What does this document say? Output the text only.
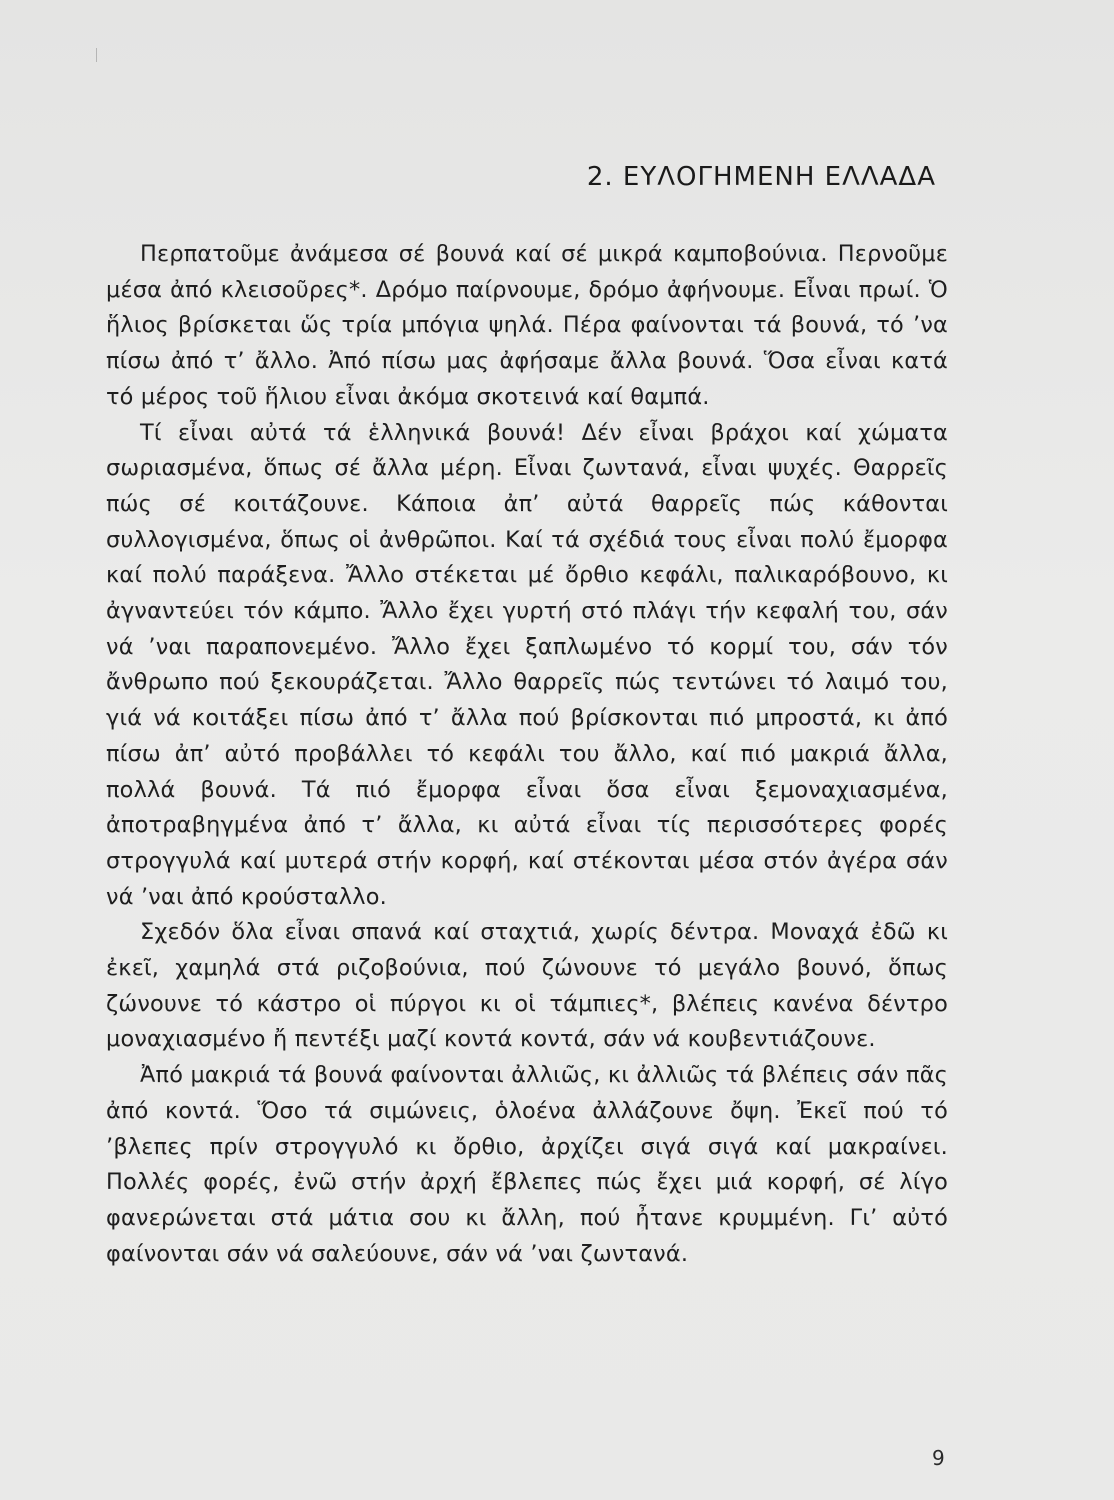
2. ΕΥΛΟΓΗΜΕΝΗ ΕΛΛΑΔΑ

Περπατοῦμε ἀνάμεσα σέ βουνά καί σέ μικρά καμποβούνια. Περνοῦμε μέσα ἀπό κλεισοῦρες*. Δρόμο παίρνουμε, δρόμο ἀφήνουμε. Εἶναι πρωί. Ὁ ἥλιος βρίσκεται ὥς τρία μπόγια ψηλά. Πέρα φαίνονται τά βουνά, τό ’να πίσω ἀπό τ’ ἄλλο. Ἀπό πίσω μας ἀφήσαμε ἄλλα βουνά. Ὅσα εἶναι κατά τό μέρος τοῦ ἥλιου εἶναι ἀκόμα σκοτεινά καί θαμπά.

Τί εἶναι αὐτά τά ἑλληνικά βουνά! Δέν εἶναι βράχοι καί χώματα σωριασμένα, ὅπως σέ ἄλλα μέρη. Εἶναι ζωντανά, εἶναι ψυχές. Θαρρεῖς πώς σέ κοιτάζουνε. Κάποια ἀπ’ αὐτά θαρρεῖς πώς κάθονται συλλογισμένα, ὅπως οἱ ἀνθρῶποι. Καί τά σχέδιά τους εἶναι πολύ ἔμορφα καί πολύ παράξενα. Ἄλλο στέκεται μέ ὄρθιο κεφάλι, παλικαρόβουνο, κι ἀγναντεύει τόν κάμπο. Ἄλλο ἔχει γυρτή στό πλάγι τήν κεφαλή του, σάν νά ’ναι παραπονεμένο. Ἄλλο ἔχει ξαπλωμένο τό κορμί του, σάν τόν ἄνθρωπο πού ξεκουράζεται. Ἄλλο θαρρεῖς πώς τεντώνει τό λαιμό του, γιά νά κοιτάξει πίσω ἀπό τ’ ἄλλα πού βρίσκονται πιό μπροστά, κι ἀπό πίσω ἀπ’ αὐτό προβάλλει τό κεφάλι του ἄλλο, καί πιό μακριά ἄλλα, πολλά βουνά. Τά πιό ἔμορφα εἶναι ὅσα εἶναι ξεμοναχιασμένα, ἀποτραβηγμένα ἀπό τ’ ἄλλα, κι αὐτά εἶναι τίς περισσότερες φορές στρογγυλά καί μυτερά στήν κορφή, καί στέκονται μέσα στόν ἀγέρα σάν νά ’ναι ἀπό κρούσταλλο.

Σχεδόν ὅλα εἶναι σπανά καί σταχτιά, χωρίς δέντρα. Μοναχά ἐδῶ κι ἐκεῖ, χαμηλά στά ριζοβούνια, πού ζώνουνε τό μεγάλο βουνό, ὅπως ζώνουνε τό κάστρο οἱ πύργοι κι οἱ τάμπιες*, βλέπεις κανένα δέντρο μοναχιασμένο ἤ πεντέξι μαζί κοντά κοντά, σάν νά κουβεντιάζουνε.

Ἀπό μακριά τά βουνά φαίνονται ἀλλιῶς, κι ἀλλιῶς τά βλέπεις σάν πᾶς ἀπό κοντά. Ὅσο τά σιμώνεις, ὁλοένα ἀλλάζουνε ὄψη. Ἐκεῖ πού τό ’βλεπες πρίν στρογγυλό κι ὄρθιο, ἀρχίζει σιγά σιγά καί μακραίνει. Πολλές φορές, ἐνῶ στήν ἀρχή ἔβλεπες πώς ἔχει μιά κορφή, σέ λίγο φανερώνεται στά μάτια σου κι ἄλλη, πού ἦτανε κρυμμένη. Γι’ αὐτό φαίνονται σάν νά σαλεύουνε, σάν νά ’ναι ζωντανά.

9
